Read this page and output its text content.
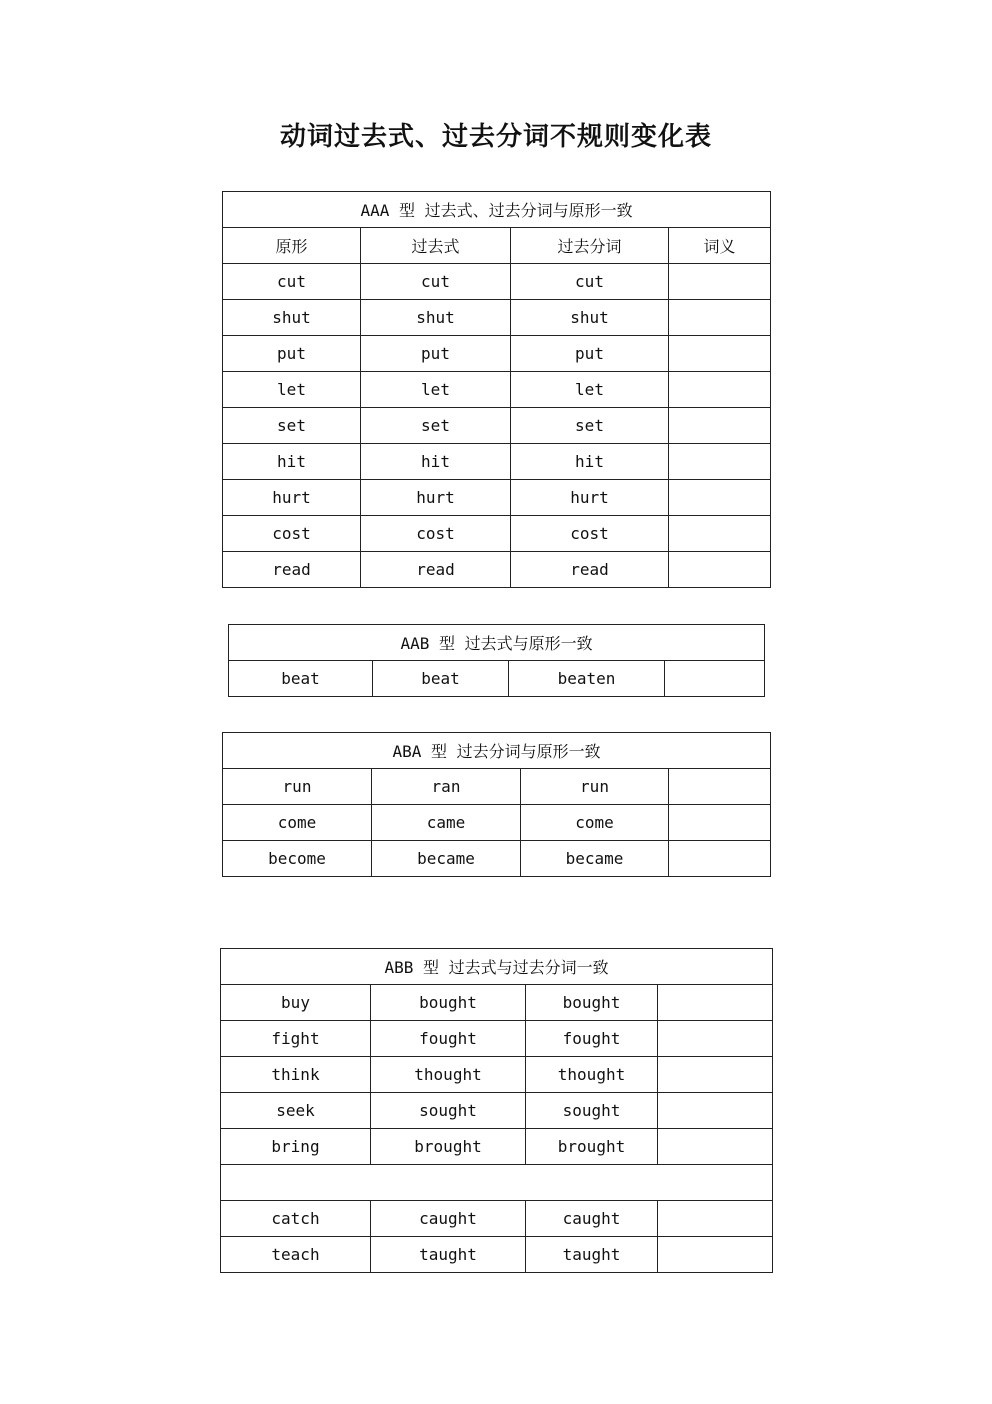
动词过去式、过去分词不规则变化表
AAA 型 过去式、过去分词与原形一致			
原形	过去式	过去分词	词义
cut	cut	cut	
shut	shut	shut	
put	put	put	
let	let	let	
set	set	set	
hit	hit	hit	
hurt	hurt	hurt	
cost	cost	cost	
read	read	read	
AAB 型 过去式与原形一致
beat	beat	beaten	
ABA 型 过去分词与原形一致			
run	ran	run	
come	came	come	
become	became	became	
ABB 型 过去式与过去分词一致			
buy	bought	bought	
fight	fought	fought	
think	thought	thought	
seek	sought	sought	
bring	brought	brought	

catch	caught	caught	
teach	taught	taught	
